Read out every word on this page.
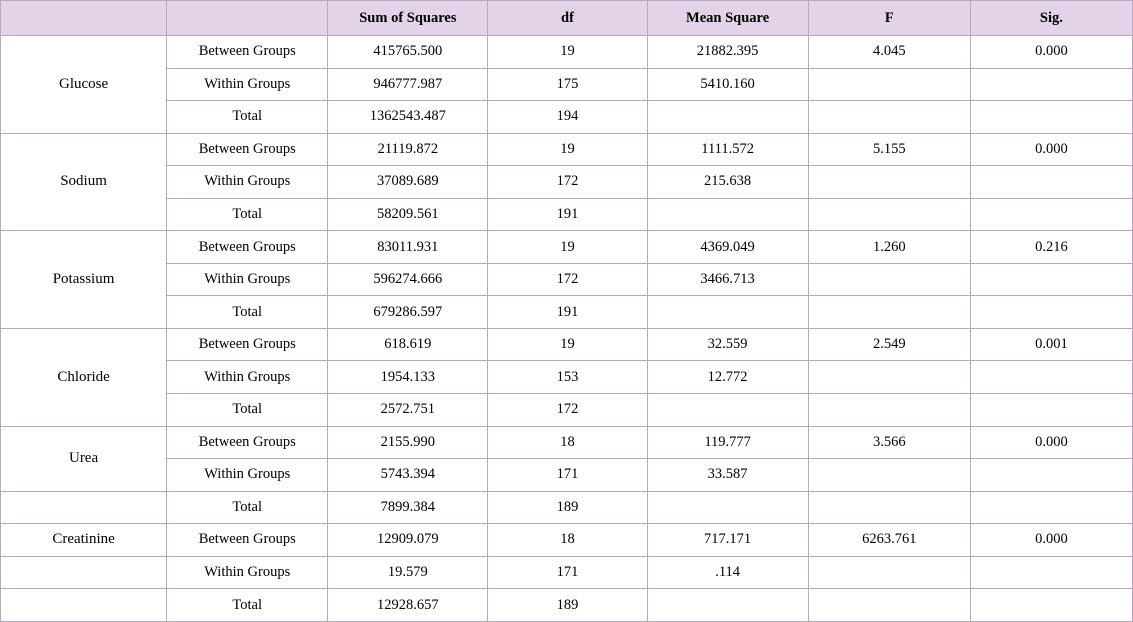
		Sum of Squares	df	Mean Square	F	Sig.
Glucose	Between Groups	415765.500	19	21882.395	4.045	0.000
	Within Groups	946777.987	175	5410.160		
	Total	1362543.487	194			
Sodium	Between Groups	21119.872	19	1111.572	5.155	0.000
	Within Groups	37089.689	172	215.638		
	Total	58209.561	191			
Potassium	Between Groups	83011.931	19	4369.049	1.260	0.216
	Within Groups	596274.666	172	3466.713		
	Total	679286.597	191			
Chloride	Between Groups	618.619	19	32.559	2.549	0.001
	Within Groups	1954.133	153	12.772		
	Total	2572.751	172			
Urea	Between Groups	2155.990	18	119.777	3.566	0.000
	Within Groups	5743.394	171	33.587		
	Total	7899.384	189			
Creatinine	Between Groups	12909.079	18	717.171	6263.761	0.000
	Within Groups	19.579	171	.114		
	Total	12928.657	189			
